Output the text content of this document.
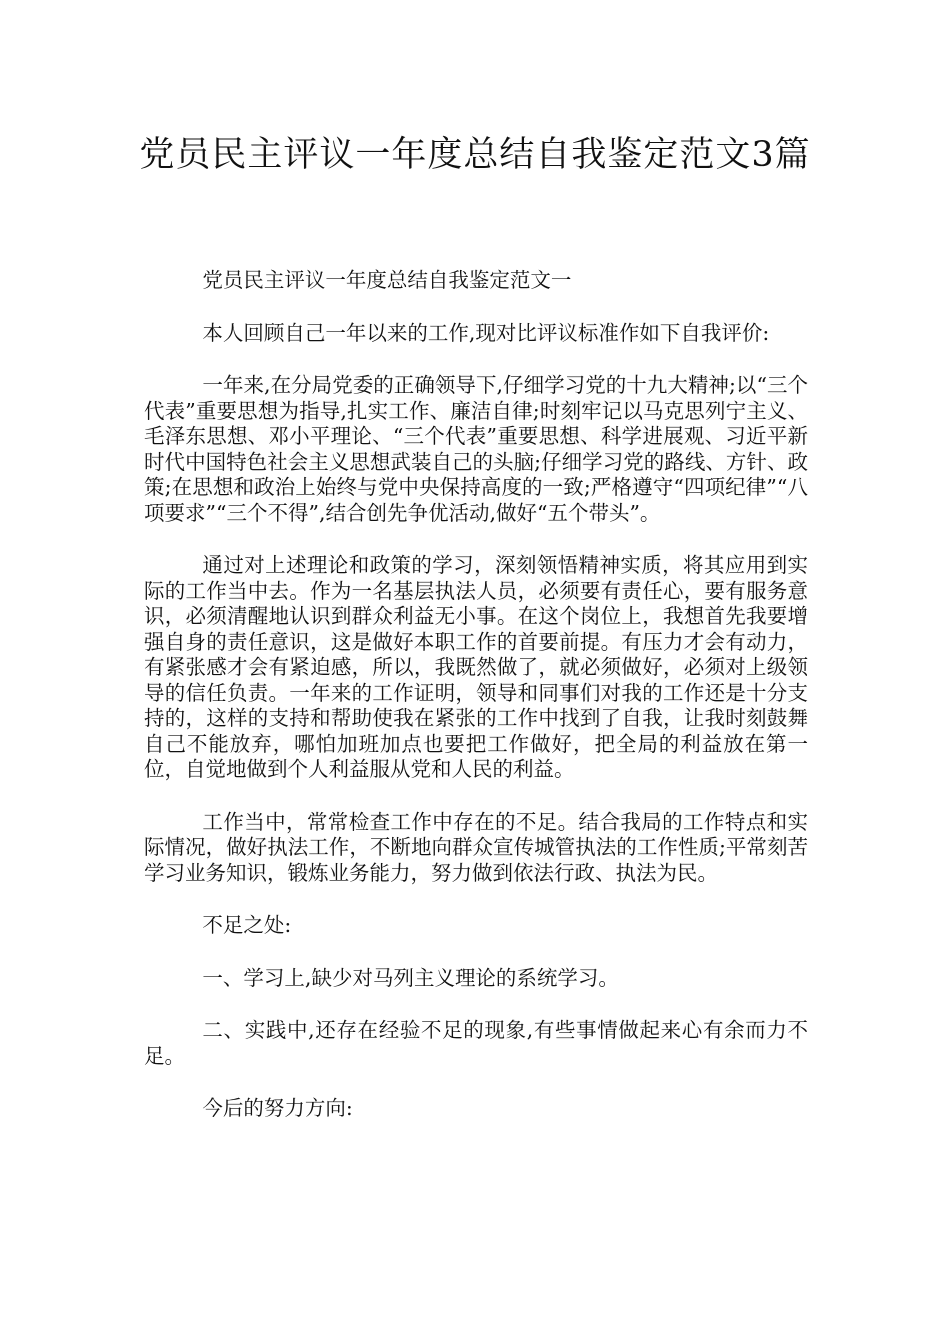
党员民主评议一年度总结自我鉴定范文3篇

党员民主评议一年度总结自我鉴定范文一

本人回顾自己一年以来的工作,现对比评议标准作如下自我评价:

一年来,在分局党委的正确领导下,仔细学习党的十九大精神;以“三个代表”重要思想为指导,扎实工作、廉洁自律;时刻牢记以马克思列宁主义、毛泽东思想、邓小平理论、“三个代表”重要思想、科学进展观、习近平新时代中国特色社会主义思想武装自己的头脑;仔细学习党的路线、方针、政策;在思想和政治上始终与党中央保持高度的一致;严格遵守“四项纪律”“八项要求”“三个不得”,结合创先争优活动,做好“五个带头”。

通过对上述理论和政策的学习，深刻领悟精神实质，将其应用到实际的工作当中去。作为一名基层执法人员，必须要有责任心，要有服务意识，必须清醒地认识到群众利益无小事。在这个岗位上，我想首先我要增强自身的责任意识，这是做好本职工作的首要前提。有压力才会有动力，有紧张感才会有紧迫感，所以，我既然做了，就必须做好，必须对上级领导的信任负责。一年来的工作证明，领导和同事们对我的工作还是十分支持的，这样的支持和帮助使我在紧张的工作中找到了自我，让我时刻鼓舞自己不能放弃，哪怕加班加点也要把工作做好，把全局的利益放在第一位，自觉地做到个人利益服从党和人民的利益。

工作当中，常常检查工作中存在的不足。结合我局的工作特点和实际情况，做好执法工作，不断地向群众宣传城管执法的工作性质;平常刻苦学习业务知识，锻炼业务能力，努力做到依法行政、执法为民。

不足之处:

一、学习上,缺少对马列主义理论的系统学习。

二、实践中,还存在经验不足的现象,有些事情做起来心有余而力不足。

今后的努力方向:
